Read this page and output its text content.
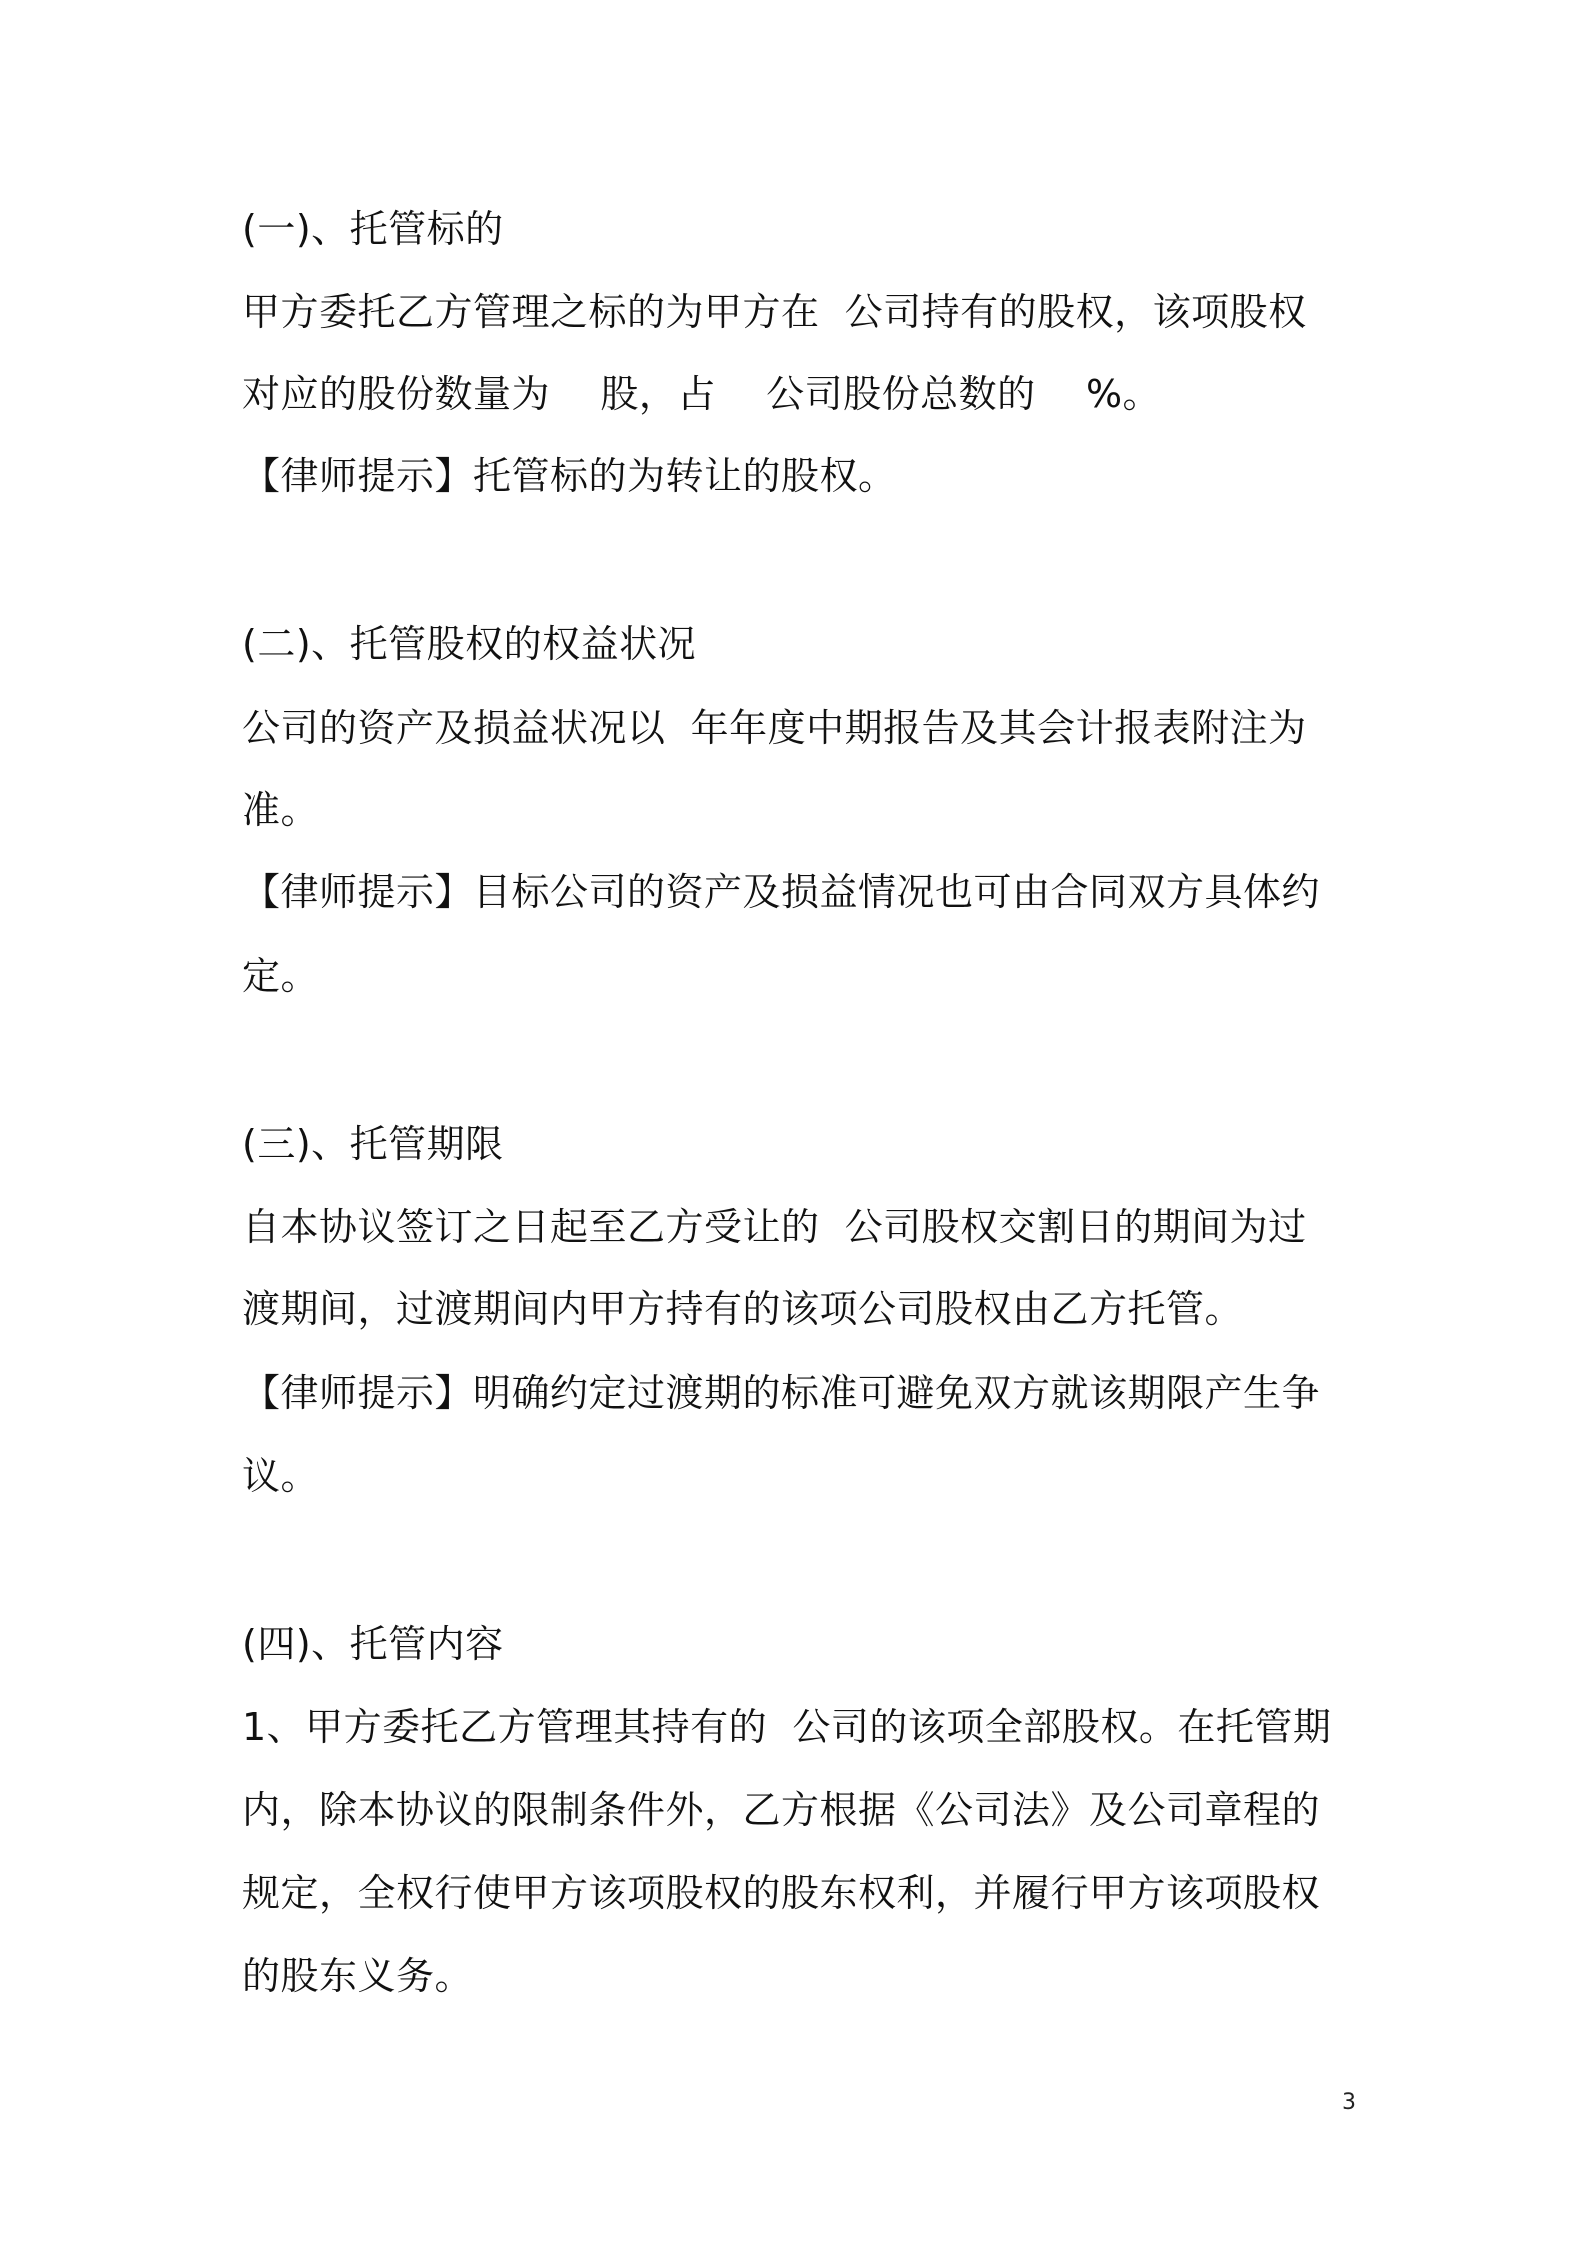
(一)、托管标的
甲方委托乙方管理之标的为甲方在  公司持有的股权，该项股权
对应的股份数量为    股，占    公司股份总数的    %。
【律师提示】托管标的为转让的股权。
(二)、托管股权的权益状况
公司的资产及损益状况以  年年度中期报告及其会计报表附注为
准。
【律师提示】目标公司的资产及损益情况也可由合同双方具体约
定。
(三)、托管期限
自本协议签订之日起至乙方受让的  公司股权交割日的期间为过
渡期间，过渡期间内甲方持有的该项公司股权由乙方托管。
【律师提示】明确约定过渡期的标准可避免双方就该期限产生争
议。
(四)、托管内容
1、甲方委托乙方管理其持有的  公司的该项全部股权。在托管期
内，除本协议的限制条件外，乙方根据《公司法》及公司章程的
规定，全权行使甲方该项股权的股东权利，并履行甲方该项股权
的股东义务。
3
